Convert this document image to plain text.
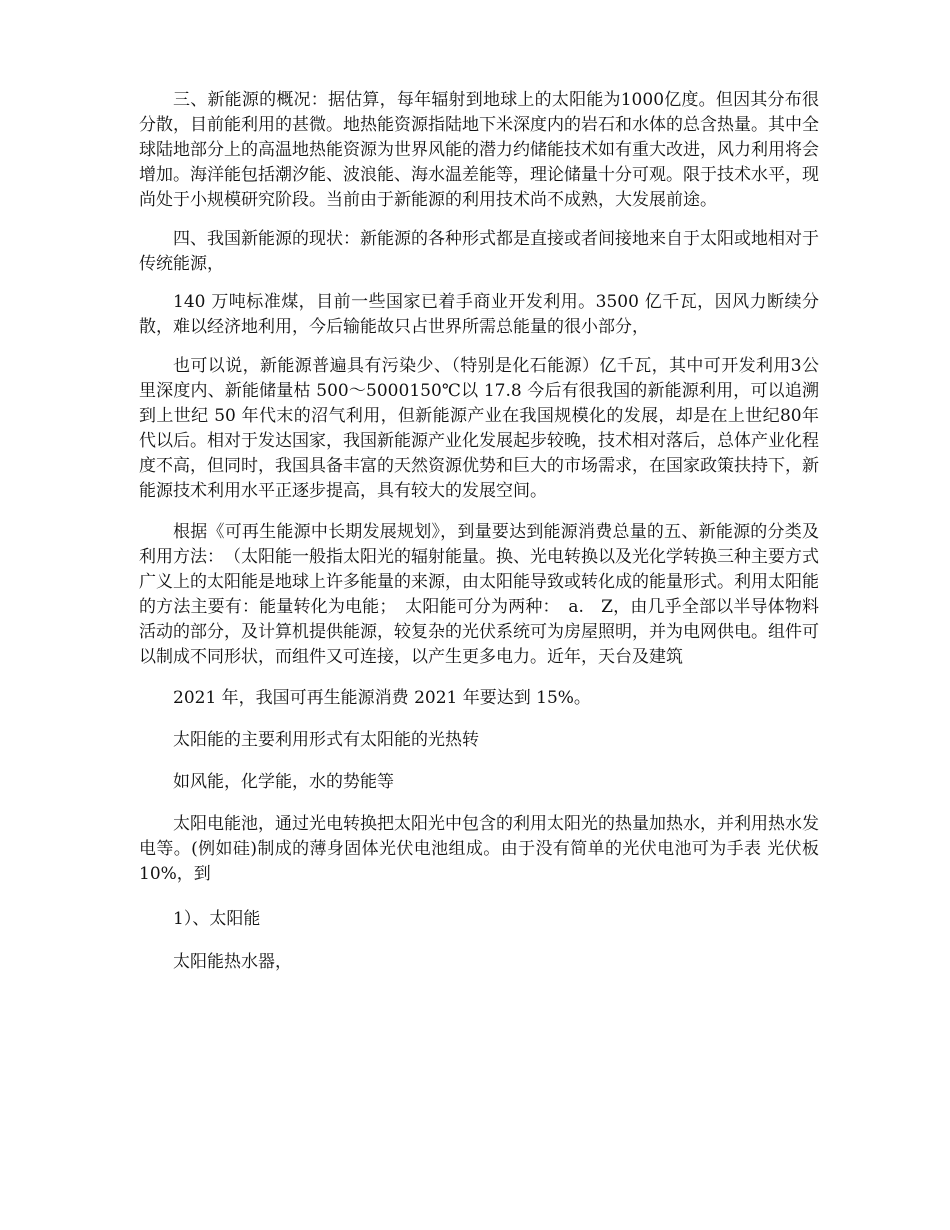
三、新能源的概况：据估算，每年辐射到地球上的太阳能为1000亿度。但因其分布很分散，目前能利用的甚微。地热能资源指陆地下米深度内的岩石和水体的总含热量。其中全球陆地部分上的高温地热能资源为世界风能的潜力约储能技术如有重大改进，风力利用将会增加。海洋能包括潮汐能、波浪能、海水温差能等，理论储量十分可观。限于技术水平，现尚处于小规模研究阶段。当前由于新能源的利用技术尚不成熟，大发展前途。

四、我国新能源的现状：新能源的各种形式都是直接或者间接地来自于太阳或地相对于传统能源，

140 万吨标准煤，目前一些国家已着手商业开发利用。3500 亿千瓦，因风力断续分散，难以经济地利用，今后输能故只占世界所需总能量的很小部分，

也可以说，新能源普遍具有污染少、（特别是化石能源）亿千瓦，其中可开发利用3公里深度内、新能储量枯 500～5000150℃以 17.8 今后有很我国的新能源利用，可以追溯到上世纪 50 年代末的沼气利用，但新能源产业在我国规模化的发展，却是在上世纪80年代以后。相对于发达国家，我国新能源产业化发展起步较晚，技术相对落后，总体产业化程度不高，但同时，我国具备丰富的天然资源优势和巨大的市场需求，在国家政策扶持下，新能源技术利用水平正逐步提高，具有较大的发展空间。

根据《可再生能源中长期发展规划》，到量要达到能源消费总量的五、新能源的分类及利用方法：　（太阳能一般指太阳光的辐射能量。换、光电转换以及光化学转换三种主要方式　广义上的太阳能是地球上许多能量的来源，由太阳能导致或转化成的能量形式。利用太阳能的方法主要有：能量转化为电能；　太阳能可分为两种：　a.　Z，由几乎全部以半导体物料活动的部分，及计算机提供能源，较复杂的光伏系统可为房屋照明，并为电网供电。组件可以制成不同形状，而组件又可连接，以产生更多电力。近年，天台及建筑

2021 年，我国可再生能源消费 2021 年要达到 15%。

太阳能的主要利用形式有太阳能的光热转

如风能，化学能，水的势能等

太阳电能池，通过光电转换把太阳光中包含的利用太阳光的热量加热水，并利用热水发电等。(例如硅)制成的薄身固体光伏电池组成。由于没有简单的光伏电池可为手表 光伏板 10%，到

1）、太阳能

太阳能热水器，
